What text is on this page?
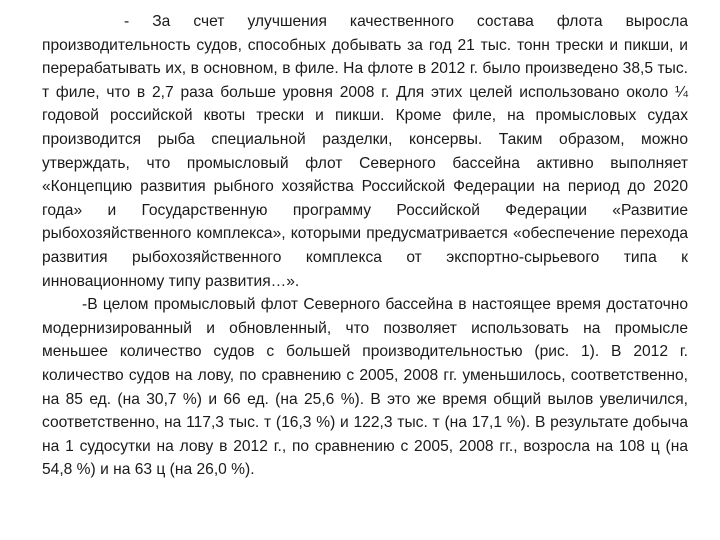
- За счет улучшения качественного состава флота выросла производительность судов, способных добывать за год 21 тыс. тонн трески и пикши, и перерабатывать их, в основном, в филе. На флоте в 2012 г. было произведено 38,5 тыс. т филе, что в 2,7 раза больше уровня 2008 г. Для этих целей использовано около ¼ годовой российской квоты трески и пикши. Кроме филе, на промысловых судах производится рыба специальной разделки, консервы. Таким образом, можно утверждать, что промысловый флот Северного бассейна активно выполняет «Концепцию развития рыбного хозяйства Российской Федерации на период до 2020 года» и Государственную программу Российской Федерации «Развитие рыбохозяйственного комплекса», которыми предусматривается «обеспечение перехода развития рыбохозяйственного комплекса от экспортно-сырьевого типа к инновационному типу развития…».

-В целом промысловый флот Северного бассейна в настоящее время достаточно модернизированный и обновленный, что позволяет использовать на промысле меньшее количество судов с большей производительностью (рис. 1). В 2012 г. количество судов на лову, по сравнению с 2005, 2008 гг. уменьшилось, соответственно, на 85 ед. (на 30,7 %) и 66 ед. (на 25,6 %). В это же время общий вылов увеличился, соответственно, на 117,3 тыс. т (16,3 %) и 122,3 тыс. т (на 17,1 %). В результате добыча на 1 судосутки на лову в 2012 г., по сравнению с 2005, 2008 гг., возросла на 108 ц (на 54,8 %) и на 63 ц (на 26,0 %).
